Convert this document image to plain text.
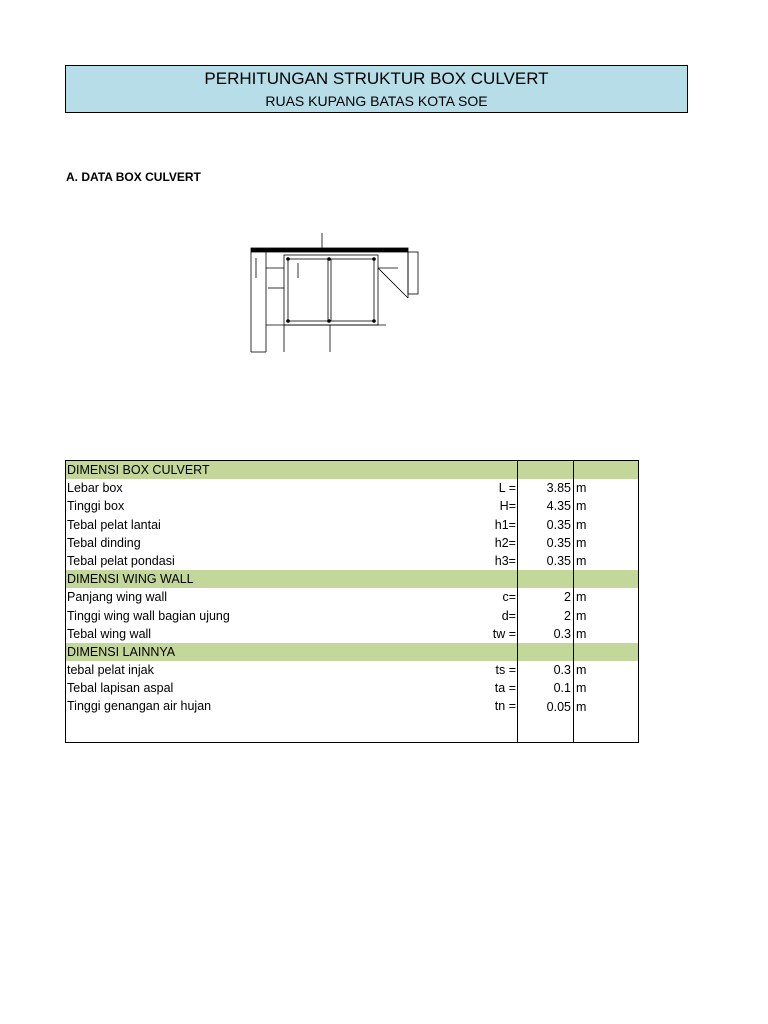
PERHITUNGAN STRUKTUR BOX CULVERT
RUAS KUPANG BATAS KOTA SOE
A. DATA BOX CULVERT
DIMENSI BOX CULVERT		

Lebar box L =	3.85	m

Tinggi box H=	4.35	m

Tebal pelat lantai h1=	0.35	m

Tebal dinding h2=	0.35	m

Tebal pelat pondasi h3=	0.35	m
DIMENSI WING WALL		

Panjang wing wall c=	2	m

Tinggi wing wall bagian ujung d=	2	m

Tebal wing wall tw =	0.3	m
DIMENSI LAINNYA		

tebal pelat injak ts =	0.3	m

Tebal lapisan aspal ta =	0.1	m

Tinggi genangan air hujan tn =	0.05	m
